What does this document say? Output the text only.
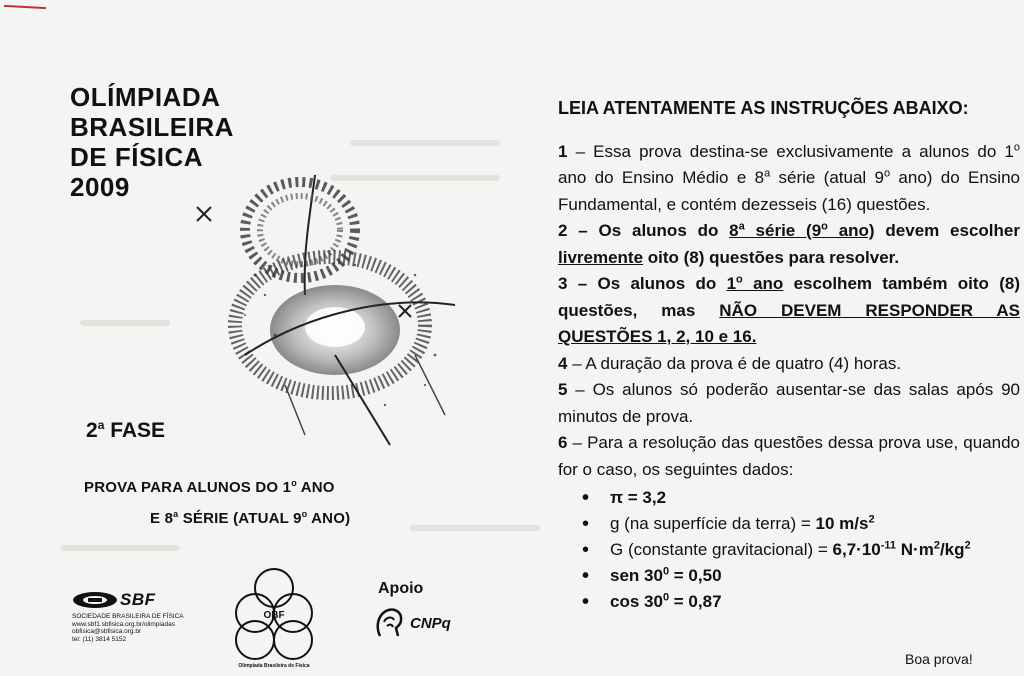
OLÍMPIADA
BRASILEIRA
DE FÍSICA
2009
2$^a$ FASE
PROVA PARA ALUNOS DO 1$^o$ ANO
E 8$^a$ SÉRIE (ATUAL 9$^o$ ANO)
SBF
SOCIEDADE BRASILEIRA DE FÍSICA
www.sbf1.sbfisica.org.br/olimpiadas
obfisica@sbfisica.org.br
tel: (11) 3814 5152
OBF
Olimpiada Brasileira de Física
Apoio
CNPq
LEIA ATENTAMENTE AS INSTRUÇÕES ABAIXO:
1 – Essa prova destina-se exclusivamente a alunos do 1$^o$ ano do Ensino Médio e 8$^a$ série (atual 9$^o$ ano) do Ensino Fundamental, e contém dezesseis (16) questões.
2 – Os alunos do 8$^a$ série (9$^o$ ano) devem escolher livremente oito (8) questões para resolver.
3 – Os alunos do 1$^o$ ano escolhem também oito (8) questões, mas NÃO DEVEM RESPONDER AS QUESTÕES 1, 2, 10 e 16.
4 – A duração da prova é de quatro (4) horas.
5 – Os alunos só poderão ausentar-se das salas após 90 minutos de prova.
6 – Para a resolução das questões dessa prova use, quando for o caso, os seguintes dados:
• π = 3,2
• g (na superfície da terra) = 10 $m/s^2$
• G (constante gravitacional) = $6,7\cdot 10^{-11}$ $N\cdot m^2/kg^2$
• sen $30^0 = 0,50$
• $\cos 30^0 = 0,87$
Boa prova!
